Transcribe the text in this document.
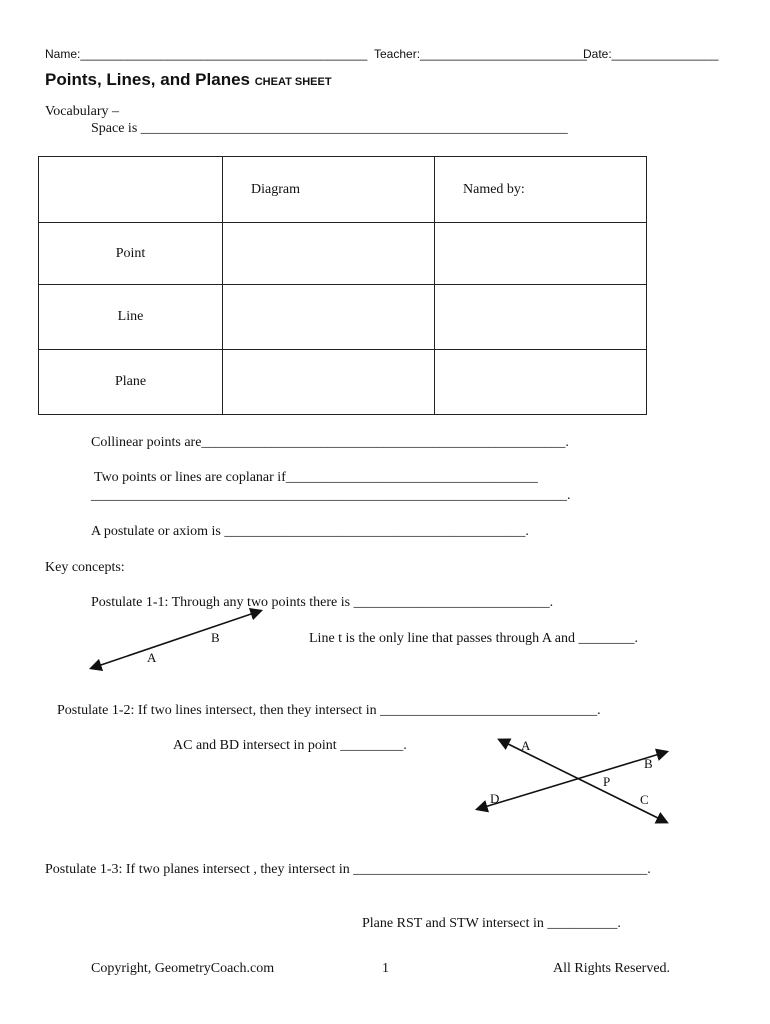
Name:___________________________________________ Teacher:_________________________
Date:________________
Points, Lines, and Planes CHEAT SHEET
Vocabulary –
Space is _____________________________________________________________
	Diagram	Named by:
Point		
Line		
Plane		
Collinear points are____________________________________________________.
Two points or lines are coplanar if____________________________________
____________________________________________________________________.
A postulate or axiom is ___________________________________________.
Key concepts:
Postulate 1-1: Through any two points there is ____________________________.
A
B	Line t is the only line that passes through A and ________.
Postulate 1-2: If two lines intersect, then they intersect in _______________________________.
AC and BD intersect in point _________.	A
B
C
D
P
Postulate 1-3: If two planes intersect , they intersect in __________________________________________.
Plane RST and STW intersect in __________.
Copyright, GeometryCoach.com	1	All Rights Reserved.
